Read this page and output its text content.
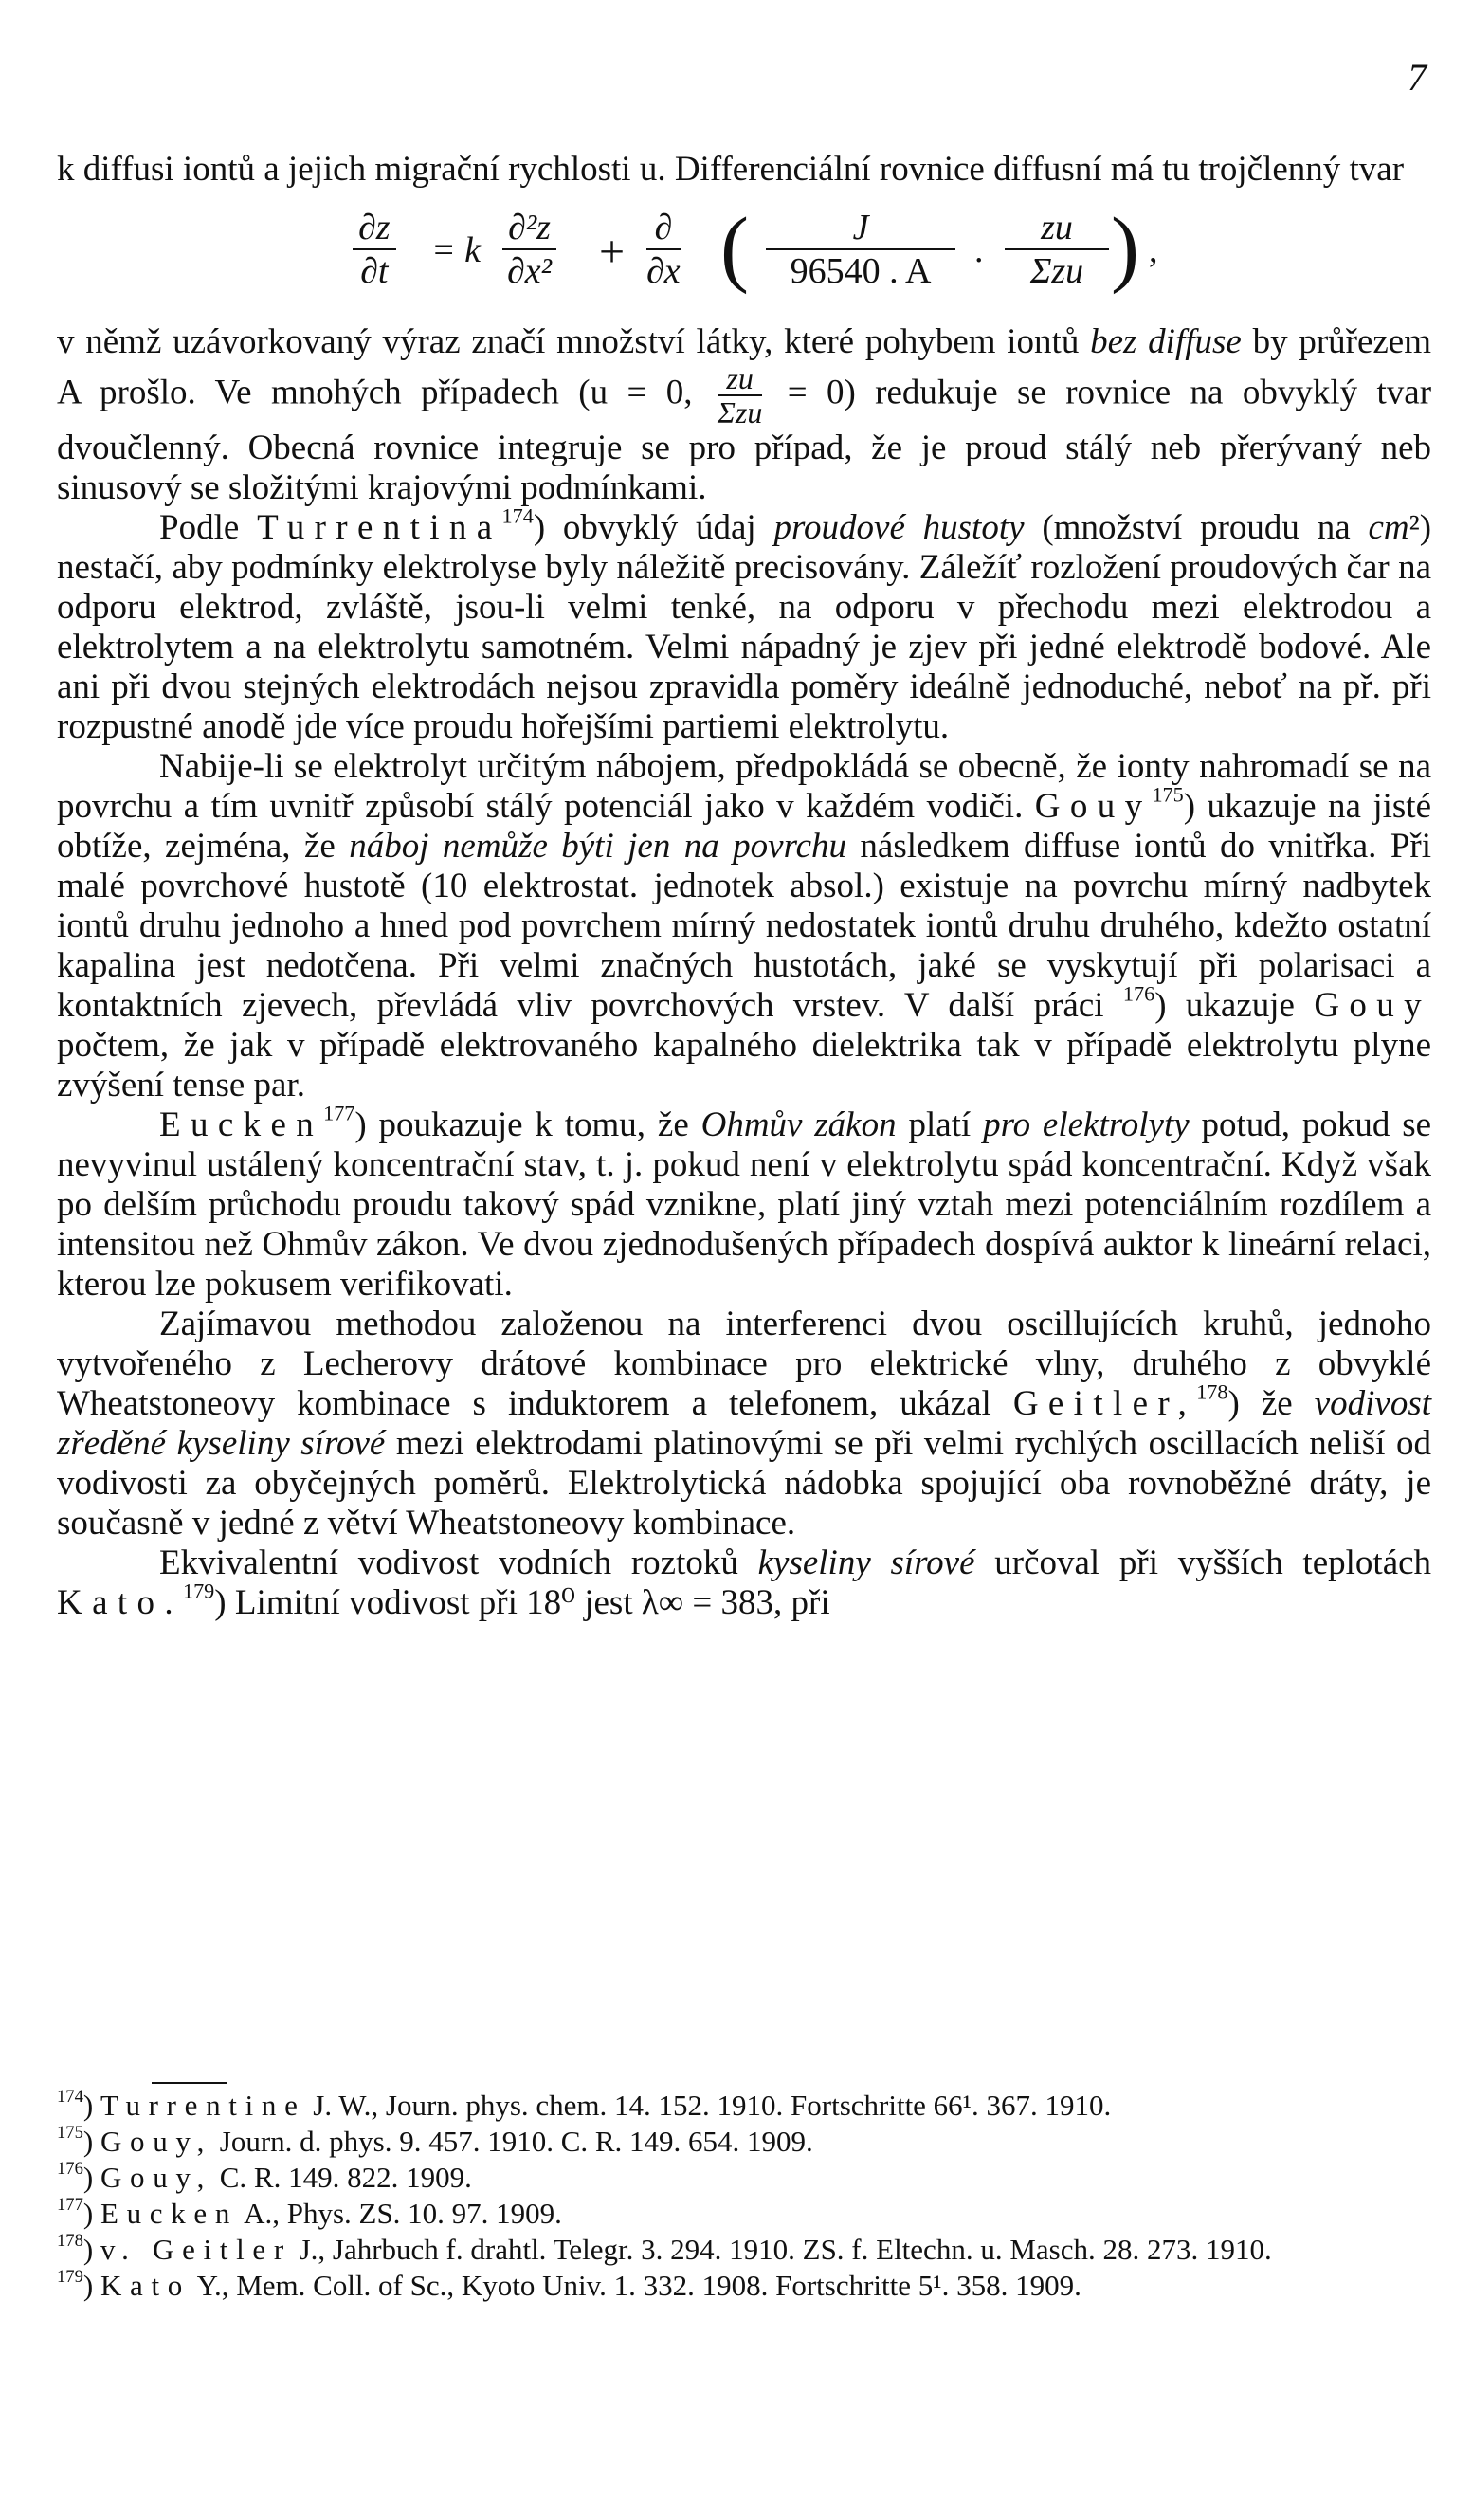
7

k diffusi iontů a jejich migrační rychlosti u. Differenciální rovnice diffusní má tu trojčlenný tvar

$\frac{\partial z}{\partial t} = k \frac{\text{∂²z}}{\text{∂x²}}$ + ∂
∂x ( $\frac{J}{96540 . A}$ .
zu
Σzu ) ,

v němž uzávorkovaný výraz značí množství látky, které pohybem iontů bez diffuse by průřezem A prošlo. Ve mnohých případech (u = 0, zu
Σzu
= 0) redukuje se rovnice na obvyklý tvar dvoučlenný. Obecná rovnice integruje se pro případ, že je proud stálý neb přerývaný neb sinusový se složitými krajovými podmínkami.

Podle Turrentina$^{174}$) obvyklý údaj proudové hustoty (množství proudu na cm²) nestačí, aby podmínky elektrolyse byly náležitě precisovány. Záležíť rozložení proudových čar na odporu elektrod, zvláště, jsou-li velmi tenké, na odporu v přechodu mezi elektrodou a elektrolytem a na elektrolytu samotném. Velmi nápadný je zjev při jedné elektrodě bodové. Ale ani při dvou stejných elektrodách nejsou zpravidla poměry ideálně jednoduché, neboť na př. při rozpustné anodě jde více proudu hořejšími partiemi elektrolytu.

Nabije-li se elektrolyt určitým nábojem, předpokládá se obecně, že ionty nahromadí se na povrchu a tím uvnitř způsobí stálý potenciál jako v každém vodiči. Gouy$^{175}$) ukazuje na jisté obtíže, zejména, že náboj nemůže býti jen na povrchu následkem diffuse iontů do vnitřka. Při malé povrchové hustotě (10 elektrostat. jednotek absol.) existuje na povrchu mírný nadbytek iontů druhu jednoho a hned pod povrchem mírný nedostatek iontů druhu druhého, kdežto ostatní kapalina jest nedotčena. Při velmi značných hustotách, jaké se vyskytují při polarisaci a kontaktních zjevech, převládá vliv povrchových vrstev. V další práci $^{176}$) ukazuje Gouy počtem, že jak v případě elektrovaného kapalného dielektrika tak v případě elektrolytu plyne zvýšení tense par.

Eucken$^{177}$) poukazuje k tomu, že Ohmův zákon platí pro elektrolyty potud, pokud se nevyvinul ustálený koncentrační stav, t. j. pokud není v elektrolytu spád koncentrační. Když však po delším průchodu proudu takový spád vznikne, platí jiný vztah mezi potenciálním rozdílem a intensitou než Ohmův zákon. Ve dvou zjednodušených případech dospívá auktor k lineární relaci, kterou lze pokusem verifikovati.

Zajímavou methodou založenou na interferenci dvou oscillujících kruhů, jednoho vytvořeného z Lecherovy drátové kombinace pro elektrické vlny, druhého z obvyklé Wheatstoneovy kombinace s induktorem a telefonem, ukázal Geitler,$^{178}$) že vodivost zředěné kyseliny sírové mezi elektrodami platinovými se při velmi rychlých oscillacích neliší od vodivosti za obyčejných poměrů. Elektrolytická nádobka spojující oba rovnoběžné dráty, je současně v jedné z větví Wheatstoneovy kombinace.

Ekvivalentní vodivost vodních roztoků kyseliny sírové určoval při vyšších teplotách Kato.$^{179}$) Limitní vodivost při 18⁰ jest λ∞ = 383, při

$^{174}$) Turrentine J. W., Journ. phys. chem. 14. 152. 1910. Fortschritte 66¹. 367. 1910.

$^{175}$) Gouy, Journ. d. phys. 9. 457. 1910. C. R. 149. 654. 1909.

$^{176}$) Gouy, C. R. 149. 822. 1909.

$^{177}$) Eucken A., Phys. ZS. 10. 97. 1909.

$^{178}$) v. Geitler J., Jahrbuch f. drahtl. Telegr. 3. 294. 1910. ZS. f. Eltechn. u. Masch. 28. 273. 1910.

$^{179}$) Kato Y., Mem. Coll. of Sc., Kyoto Univ. 1. 332. 1908. Fortschritte 5¹. 358. 1909.
